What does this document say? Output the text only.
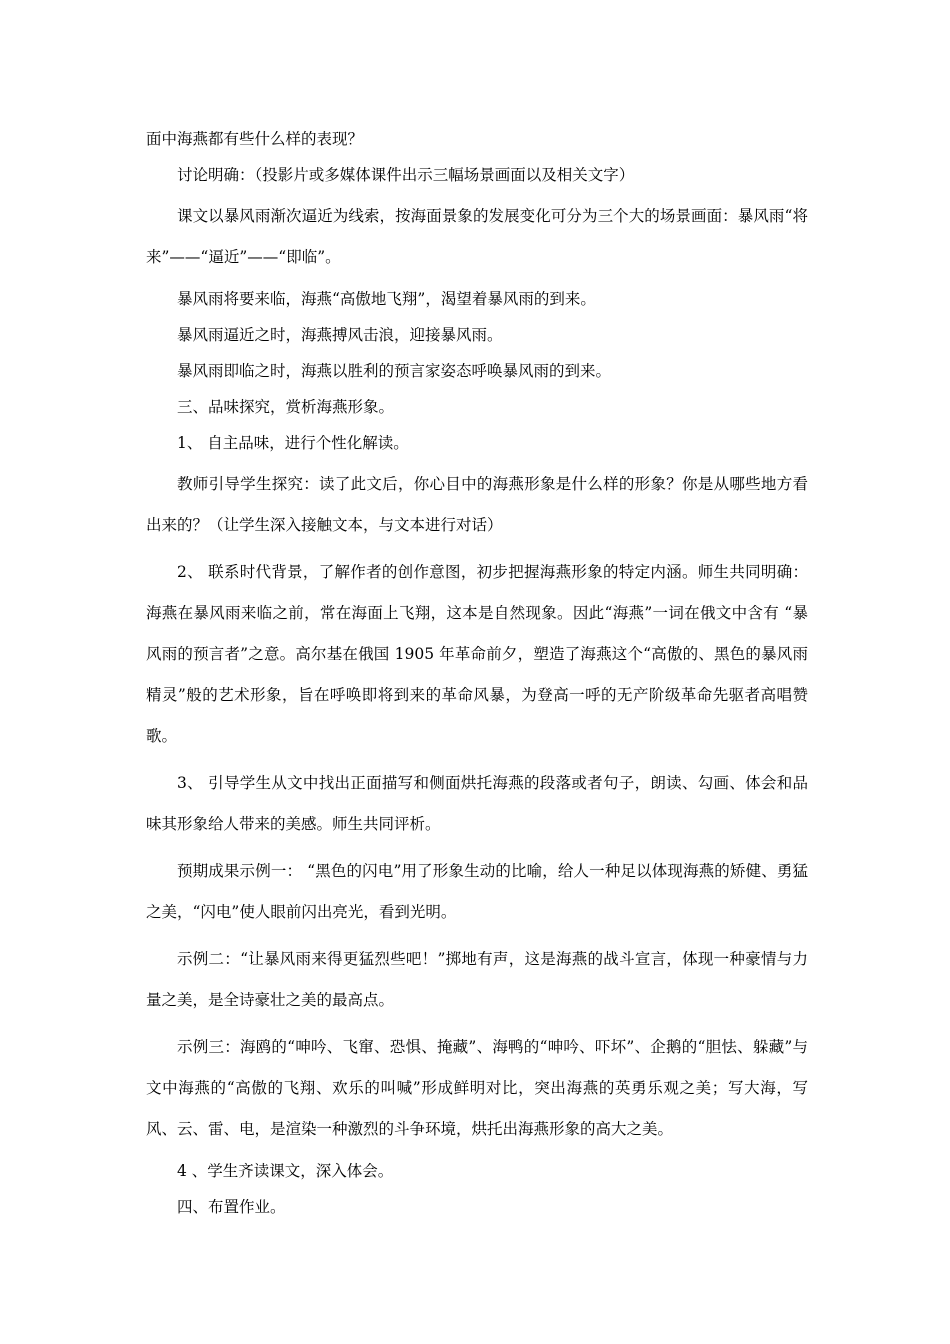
面中海燕都有些什么样的表现？

讨论明确：（投影片或多媒体课件出示三幅场景画面以及相关文字）

课文以暴风雨渐次逼近为线索，按海面景象的发展变化可分为三个大的场景画面：暴风雨“将来”——“逼近”——“即临”。

暴风雨将要来临，海燕“高傲地飞翔”，渴望着暴风雨的到来。

暴风雨逼近之时，海燕搏风击浪，迎接暴风雨。

暴风雨即临之时，海燕以胜利的预言家姿态呼唤暴风雨的到来。

三、品味探究，赏析海燕形象。

1、 自主品味，进行个性化解读。

教师引导学生探究：读了此文后，你心目中的海燕形象是什么样的形象？你是从哪些地方看出来的？（让学生深入接触文本，与文本进行对话）

2、 联系时代背景，了解作者的创作意图，初步把握海燕形象的特定内涵。师生共同明确：海燕在暴风雨来临之前，常在海面上飞翔，这本是自然现象。因此“海燕”一词在俄文中含有 “暴风雨的预言者”之意。高尔基在俄国 1905 年革命前夕，塑造了海燕这个“高傲的、黑色的暴风雨精灵”般的艺术形象，旨在呼唤即将到来的革命风暴，为登高一呼的无产阶级革命先驱者高唱赞歌。

3、 引导学生从文中找出正面描写和侧面烘托海燕的段落或者句子，朗读、勾画、体会和品味其形象给人带来的美感。师生共同评析。

预期成果示例一： “黑色的闪电”用了形象生动的比喻，给人一种足以体现海燕的矫健、勇猛之美，“闪电”使人眼前闪出亮光，看到光明。

示例二：“让暴风雨来得更猛烈些吧！”掷地有声，这是海燕的战斗宣言，体现一种豪情与力量之美，是全诗豪壮之美的最高点。

示例三：海鸥的“呻吟、飞窜、恐惧、掩藏”、海鸭的“呻吟、吓坏”、企鹅的“胆怯、躲藏”与文中海燕的“高傲的飞翔、欢乐的叫喊”形成鲜明对比，突出海燕的英勇乐观之美；写大海，写风、云、雷、电，是渲染一种激烈的斗争环境，烘托出海燕形象的高大之美。

4 、学生齐读课文，深入体会。

四、布置作业。
